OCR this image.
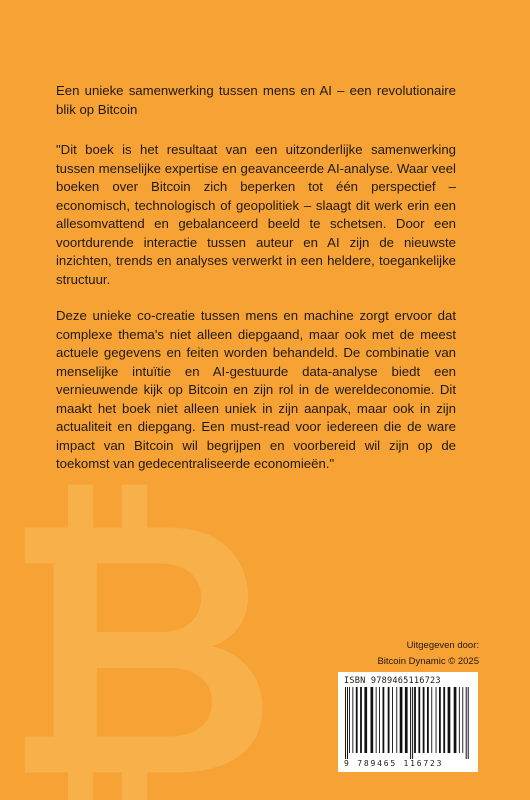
Een unieke samenwerking tussen mens en AI – een revolutionaire blik op Bitcoin

"Dit boek is het resultaat van een uitzonderlijke samenwerking tussen menselijke expertise en geavanceerde AI-analyse. Waar veel boeken over Bitcoin zich beperken tot één perspectief – economisch, technologisch of geopolitiek – slaagt dit werk erin een allesomvattend en gebalanceerd beeld te schetsen. Door een voortdurende interactie tussen auteur en AI zijn de nieuwste inzichten, trends en analyses verwerkt in een heldere, toegankelijke structuur.

Deze unieke co-creatie tussen mens en machine zorgt ervoor dat complexe thema's niet alleen diepgaand, maar ook met de meest actuele gegevens en feiten worden behandeld. De combinatie van menselijke intuïtie en AI-gestuurde data-analyse biedt een vernieuwende kijk op Bitcoin en zijn rol in de wereldeconomie. Dit maakt het boek niet alleen uniek in zijn aanpak, maar ook in zijn actualiteit en diepgang. Een must-read voor iedereen die de ware impact van Bitcoin wil begrijpen en voorbereid wil zijn op de toekomst van gedecentraliseerde economieën."

Uitgegeven door:
Bitcoin Dynamic © 2025
ISBN 9789465116723
9 789465 116723
